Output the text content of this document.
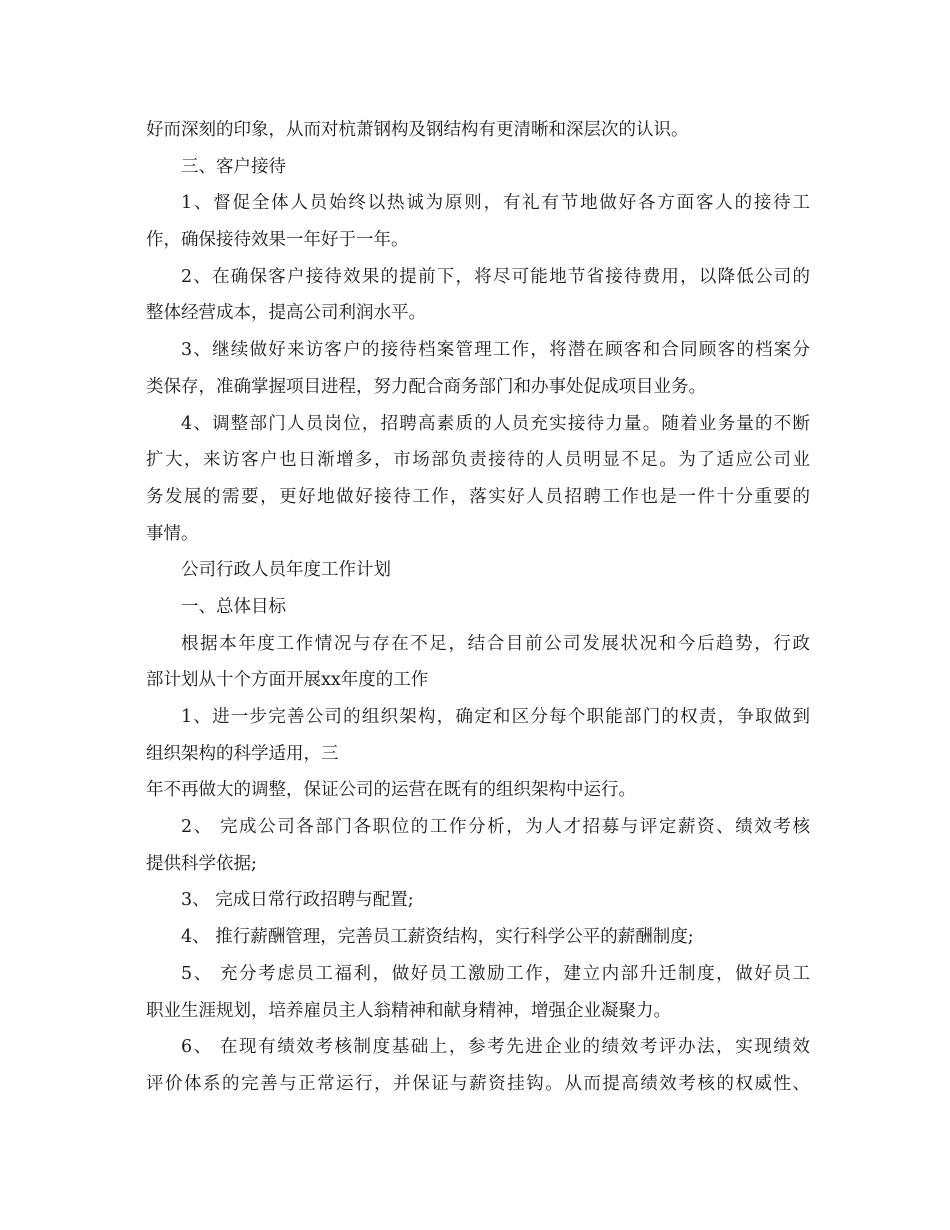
好而深刻的印象，从而对杭萧钢构及钢结构有更清晰和深层次的认识。
三、客户接待
1、督促全体人员始终以热诚为原则，有礼有节地做好各方面客人的接待工
作，确保接待效果一年好于一年。
2、在确保客户接待效果的提前下，将尽可能地节省接待费用，以降低公司的
整体经营成本，提高公司利润水平。
3、继续做好来访客户的接待档案管理工作，将潜在顾客和合同顾客的档案分
类保存，准确掌握项目进程，努力配合商务部门和办事处促成项目业务。
4、调整部门人员岗位，招聘高素质的人员充实接待力量。随着业务量的不断
扩大，来访客户也日渐增多，市场部负责接待的人员明显不足。为了适应公司业
务发展的需要，更好地做好接待工作，落实好人员招聘工作也是一件十分重要的
事情。
公司行政人员年度工作计划
一、总体目标
根据本年度工作情况与存在不足，结合目前公司发展状况和今后趋势，行政
部计划从十个方面开展xx年度的工作
1、进一步完善公司的组织架构，确定和区分每个职能部门的权责，争取做到
组织架构的科学适用，三
年不再做大的调整，保证公司的运营在既有的组织架构中运行。
2、 完成公司各部门各职位的工作分析，为人才招募与评定薪资、绩效考核
提供科学依据;
3、 完成日常行政招聘与配置;
4、 推行薪酬管理，完善员工薪资结构，实行科学公平的薪酬制度;
5、 充分考虑员工福利，做好员工激励工作，建立内部升迁制度，做好员工
职业生涯规划，培养雇员主人翁精神和献身精神，增强企业凝聚力。
6、 在现有绩效考核制度基础上，参考先进企业的绩效考评办法，实现绩效
评价体系的完善与正常运行，并保证与薪资挂钩。从而提高绩效考核的权威性、
